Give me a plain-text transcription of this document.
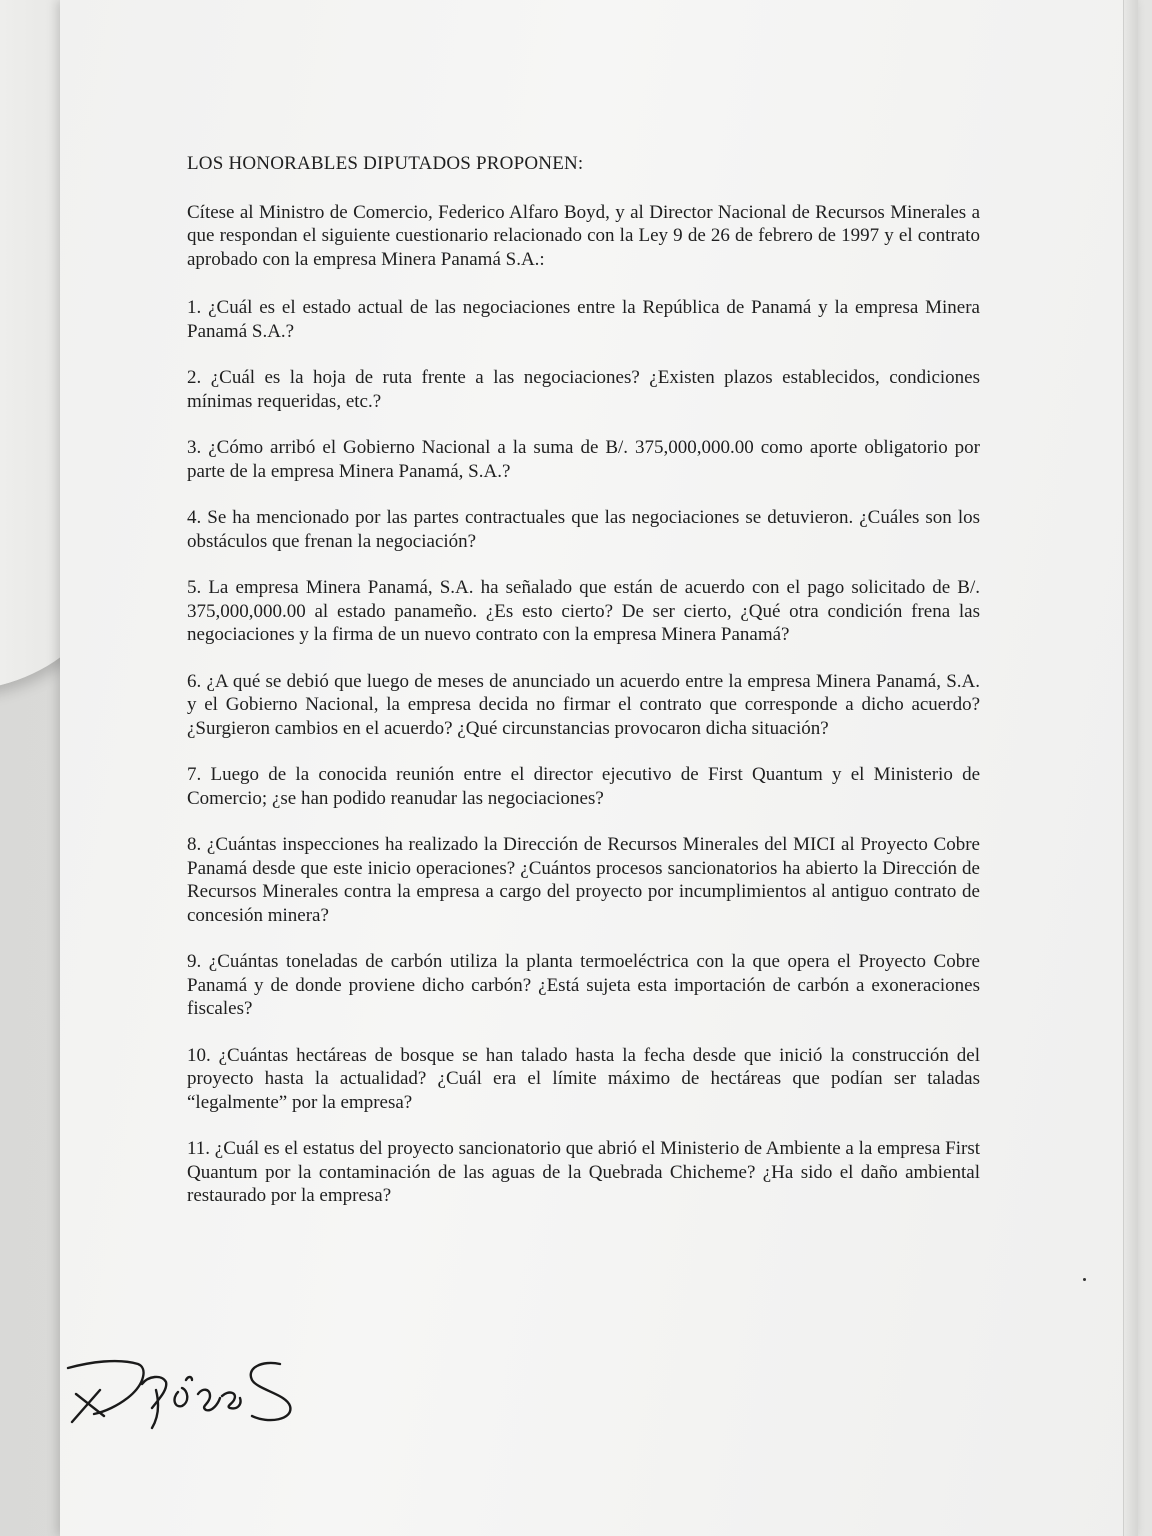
LOS HONORABLES DIPUTADOS PROPONEN:

Cítese al Ministro de Comercio, Federico Alfaro Boyd, y al Director Nacional de Recursos Minerales a que respondan el siguiente cuestionario relacionado con la Ley 9 de 26 de febrero de 1997 y el contrato aprobado con la empresa Minera Panamá S.A.:

1. ¿Cuál es el estado actual de las negociaciones entre la República de Panamá y la empresa Minera Panamá S.A.?

2. ¿Cuál es la hoja de ruta frente a las negociaciones? ¿Existen plazos establecidos, condiciones mínimas requeridas, etc.?

3. ¿Cómo arribó el Gobierno Nacional a la suma de B/. 375,000,000.00 como aporte obligatorio por parte de la empresa Minera Panamá, S.A.?

4. Se ha mencionado por las partes contractuales que las negociaciones se detuvieron. ¿Cuáles son los obstáculos que frenan la negociación?

5. La empresa Minera Panamá, S.A. ha señalado que están de acuerdo con el pago solicitado de B/. 375,000,000.00 al estado panameño. ¿Es esto cierto? De ser cierto, ¿Qué otra condición frena las negociaciones y la firma de un nuevo contrato con la empresa Minera Panamá?

6. ¿A qué se debió que luego de meses de anunciado un acuerdo entre la empresa Minera Panamá, S.A. y el Gobierno Nacional, la empresa decida no firmar el contrato que corresponde a dicho acuerdo? ¿Surgieron cambios en el acuerdo? ¿Qué circunstancias provocaron dicha situación?

7. Luego de la conocida reunión entre el director ejecutivo de First Quantum y el Ministerio de Comercio; ¿se han podido reanudar las negociaciones?

8. ¿Cuántas inspecciones ha realizado la Dirección de Recursos Minerales del MICI al Proyecto Cobre Panamá desde que este inicio operaciones? ¿Cuántos procesos sancionatorios ha abierto la Dirección de Recursos Minerales contra la empresa a cargo del proyecto por incumplimientos al antiguo contrato de concesión minera?

9. ¿Cuántas toneladas de carbón utiliza la planta termoeléctrica con la que opera el Proyecto Cobre Panamá y de donde proviene dicho carbón? ¿Está sujeta esta importación de carbón a exoneraciones fiscales?

10. ¿Cuántas hectáreas de bosque se han talado hasta la fecha desde que inició la construcción del proyecto hasta la actualidad? ¿Cuál era el límite máximo de hectáreas que podían ser taladas “legalmente” por la empresa?

11. ¿Cuál es el estatus del proyecto sancionatorio que abrió el Ministerio de Ambiente a la empresa First Quantum por la contaminación de las aguas de la Quebrada Chicheme? ¿Ha sido el daño ambiental restaurado por la empresa?
